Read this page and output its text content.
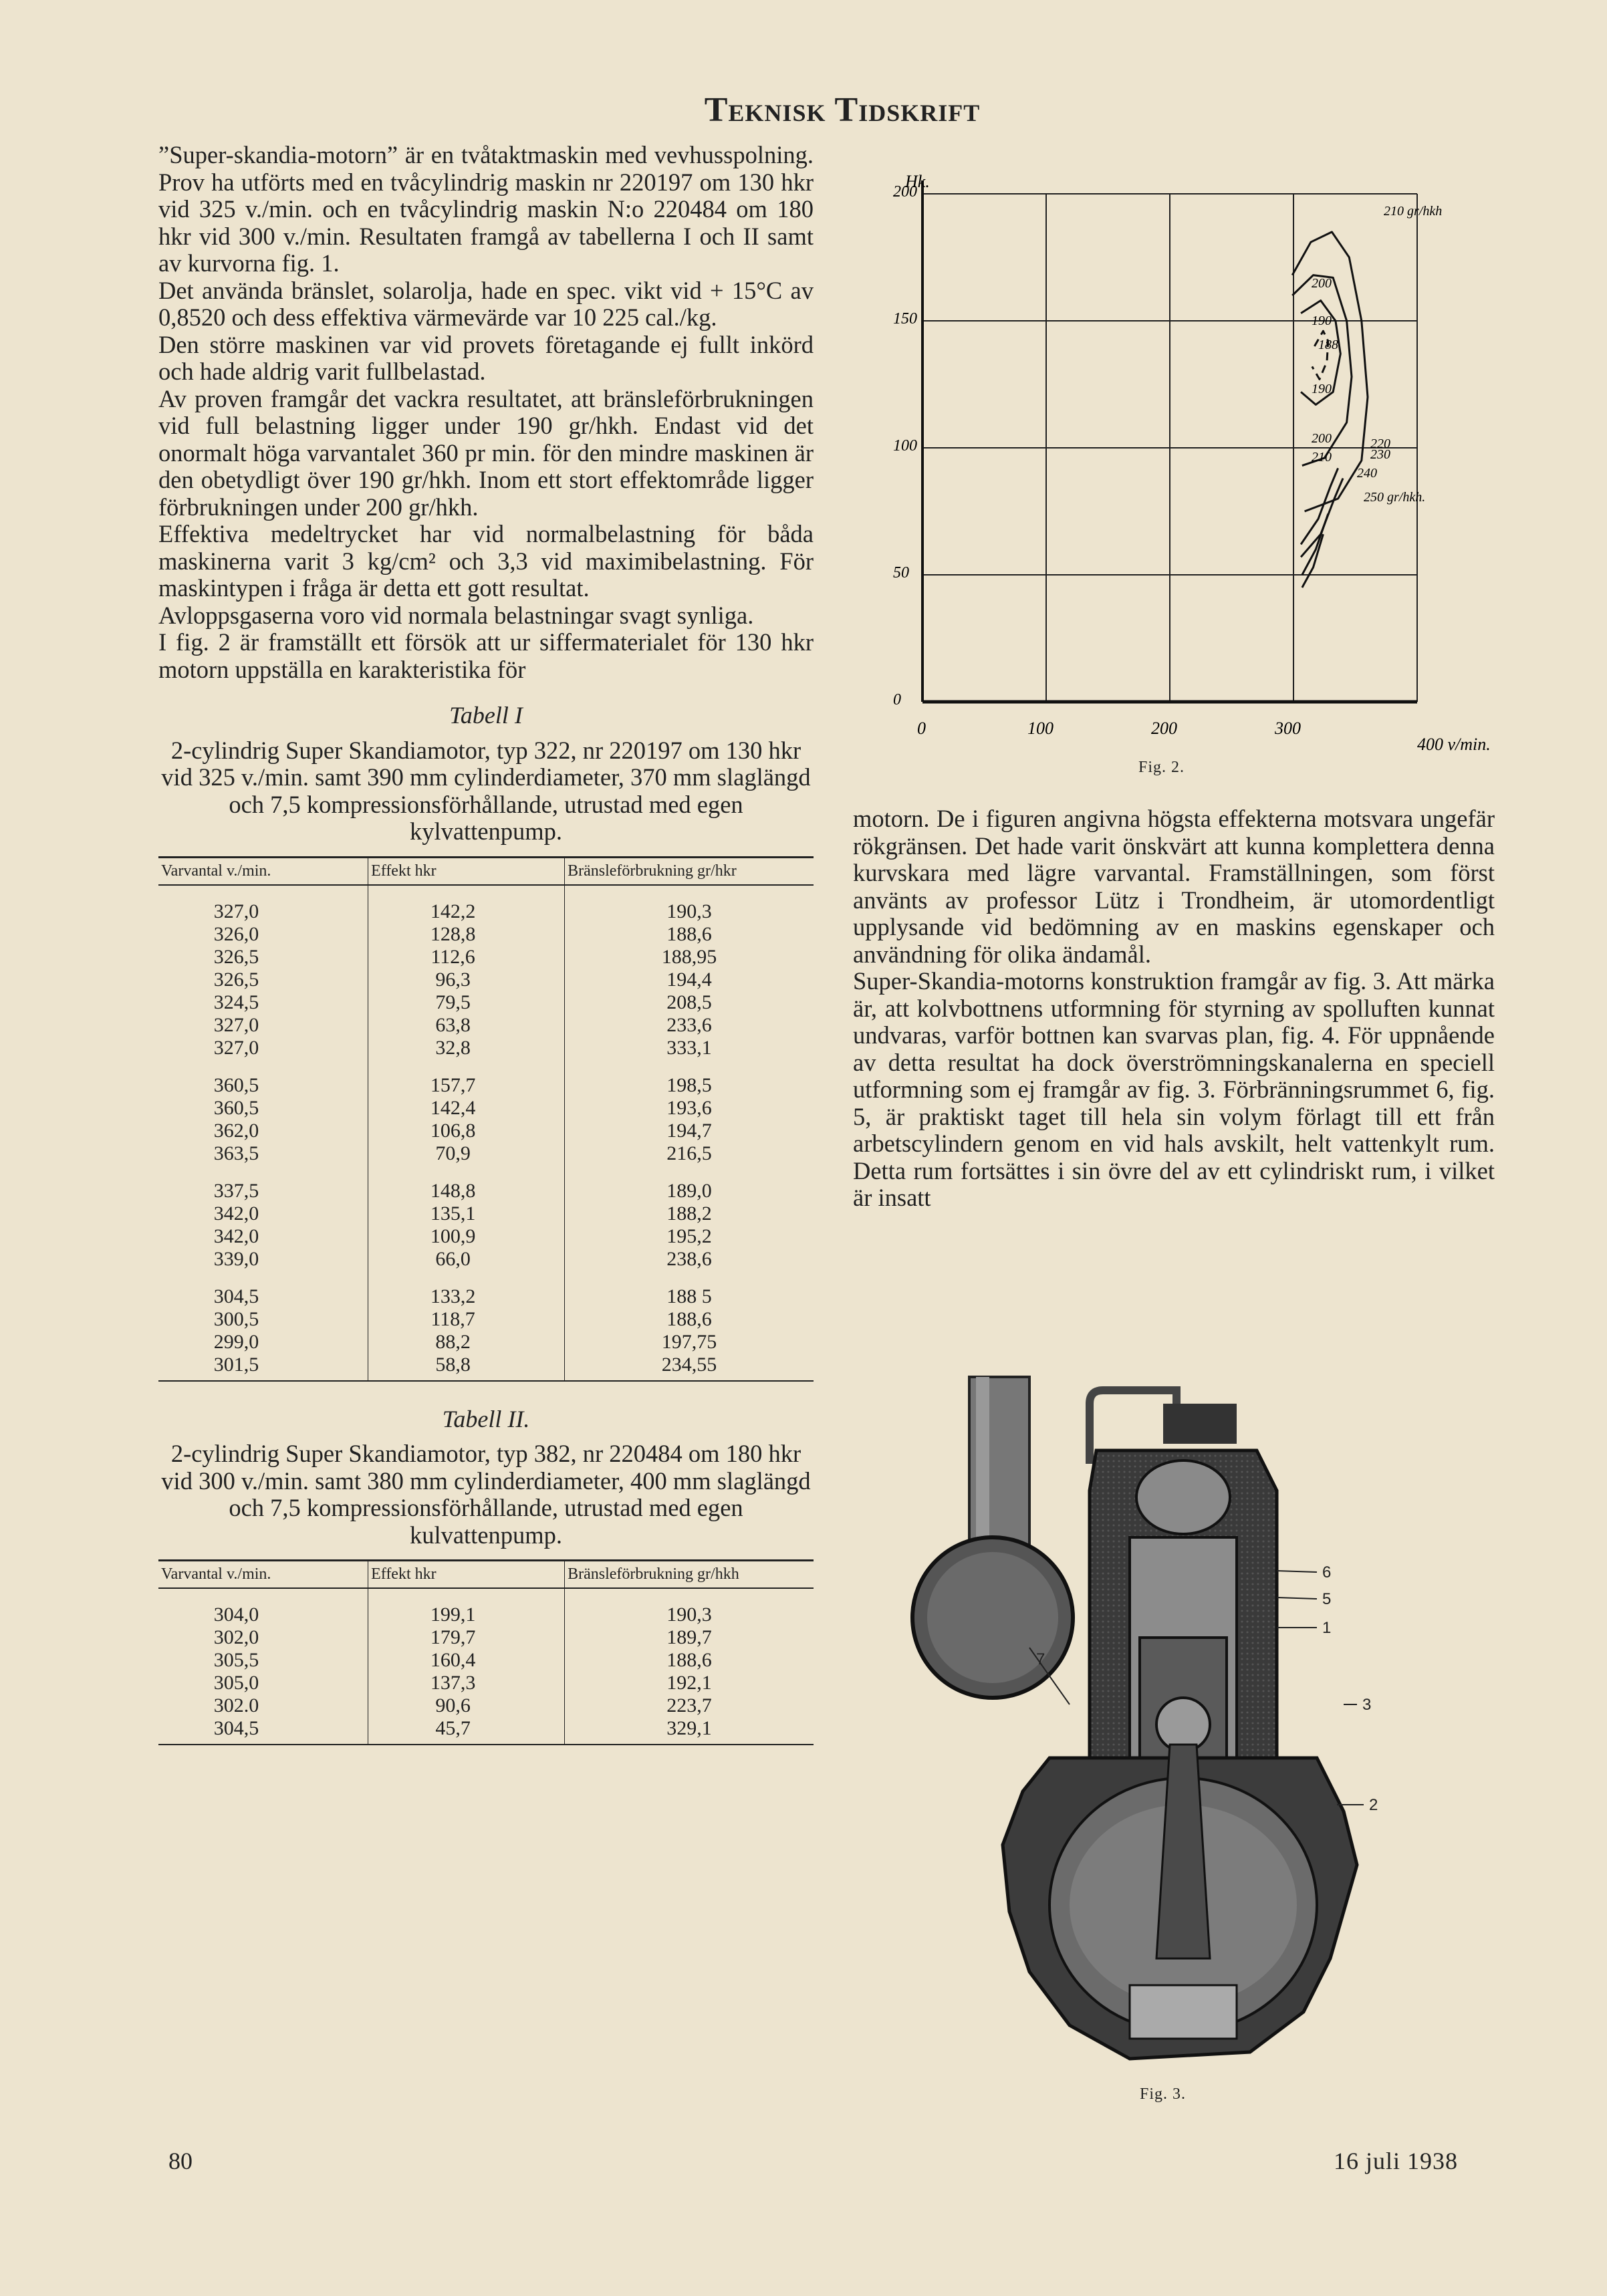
Teknisk Tidskrift

”Super-skandia-motorn” är en tvåtaktmaskin med vevhusspolning. Prov ha utförts med en tvåcylindrig maskin nr 220197 om 130 hkr vid 325 v./min. och en tvåcylindrig maskin N:o 220484 om 180 hkr vid 300 v./min. Resultaten framgå av tabellerna I och II samt av kurvorna fig. 1.

Det använda bränslet, solarolja, hade en spec. vikt vid + 15°C av 0,8520 och dess effektiva värmevärde var 10 225 cal./kg.

Den större maskinen var vid provets företagande ej fullt inkörd och hade aldrig varit fullbelastad.

Av proven framgår det vackra resultatet, att bränsleförbrukningen vid full belastning ligger under 190 gr/hkh. Endast vid det onormalt höga varvantalet 360 pr min. för den mindre maskinen är den obetydligt över 190 gr/hkh. Inom ett stort effektområde ligger förbrukningen under 200 gr/hkh.

Effektiva medeltrycket har vid normalbelastning för båda maskinerna varit 3 kg/cm² och 3,3 vid maximibelastning. För maskintypen i fråga är detta ett gott resultat.

Avloppsgaserna voro vid normala belastningar svagt synliga.

I fig. 2 är framställt ett försök att ur siffermaterialet för 130 hkr motorn uppställa en karakteristika för

Tabell I

2-cylindrig Super Skandiamotor, typ 322, nr 220197 om 130 hkr vid 325 v./min. samt 390 mm cylinderdiameter, 370 mm slaglängd och 7,5 kompressionsförhållande, utrustad med egen kylvattenpump.

Varvantal v./min.	Effekt hkr	Bränsleförbrukning gr/hkr

327,0	142,2	190,3
326,0	128,8	188,6
326,5	112,6	188,95
326,5	96,3	194,4
324,5	79,5	208,5
327,0	63,8	233,6
327,0	32,8	333,1

360,5	157,7	198,5
360,5	142,4	193,6
362,0	106,8	194,7
363,5	70,9	216,5

337,5	148,8	189,0
342,0	135,1	188,2
342,0	100,9	195,2
339,0	66,0	238,6

304,5	133,2	188 5
300,5	118,7	188,6
299,0	88,2	197,75
301,5	58,8	234,55

Tabell II.

2-cylindrig Super Skandiamotor, typ 382, nr 220484 om 180 hkr vid 300 v./min. samt 380 mm cylinderdiameter, 400 mm slaglängd och 7,5 kompressionsförhållande, utrustad med egen kulvattenpump.

Varvantal v./min.	Effekt hkr	Bränsleförbrukning gr/hkh

304,0	199,1	190,3
302,0	179,7	189,7
305,5	160,4	188,6
305,0	137,3	192,1
302.0	90,6	223,7
304,5	45,7	329,1

0	100	200	300
200
150
100
50
0
Hk.
400 v/min.
210 gr/hkh
200
190
188
190
200
210
220
230
240
250 gr/hkh.
Fig. 2.

motorn. De i figuren angivna högsta effekterna motsvara ungefär rökgränsen. Det hade varit önskvärt att kunna komplettera denna kurvskara med lägre varvantal. Framställningen, som först använts av professor Lütz i Trondheim, är utomordentligt upplysande vid bedömning av en maskins egenskaper och användning för olika ändamål.

Super-Skandia-motorns konstruktion framgår av fig. 3. Att märka är, att kolvbottnens utformning för styrning av spolluften kunnat undvaras, varför bottnen kan svarvas plan, fig. 4. För uppnående av detta resultat ha dock överströmningskanalerna en speciell utformning som ej framgår av fig. 3. Förbränningsrummet 6, fig. 5, är praktiskt taget till hela sin volym förlagt till ett från arbetscylindern genom en vid hals avskilt, helt vattenkylt rum. Detta rum fortsättes i sin övre del av ett cylindriskt rum, i vilket är insatt

6
5
1
7
3
2
Fig. 3.
80	16 juli 1938
